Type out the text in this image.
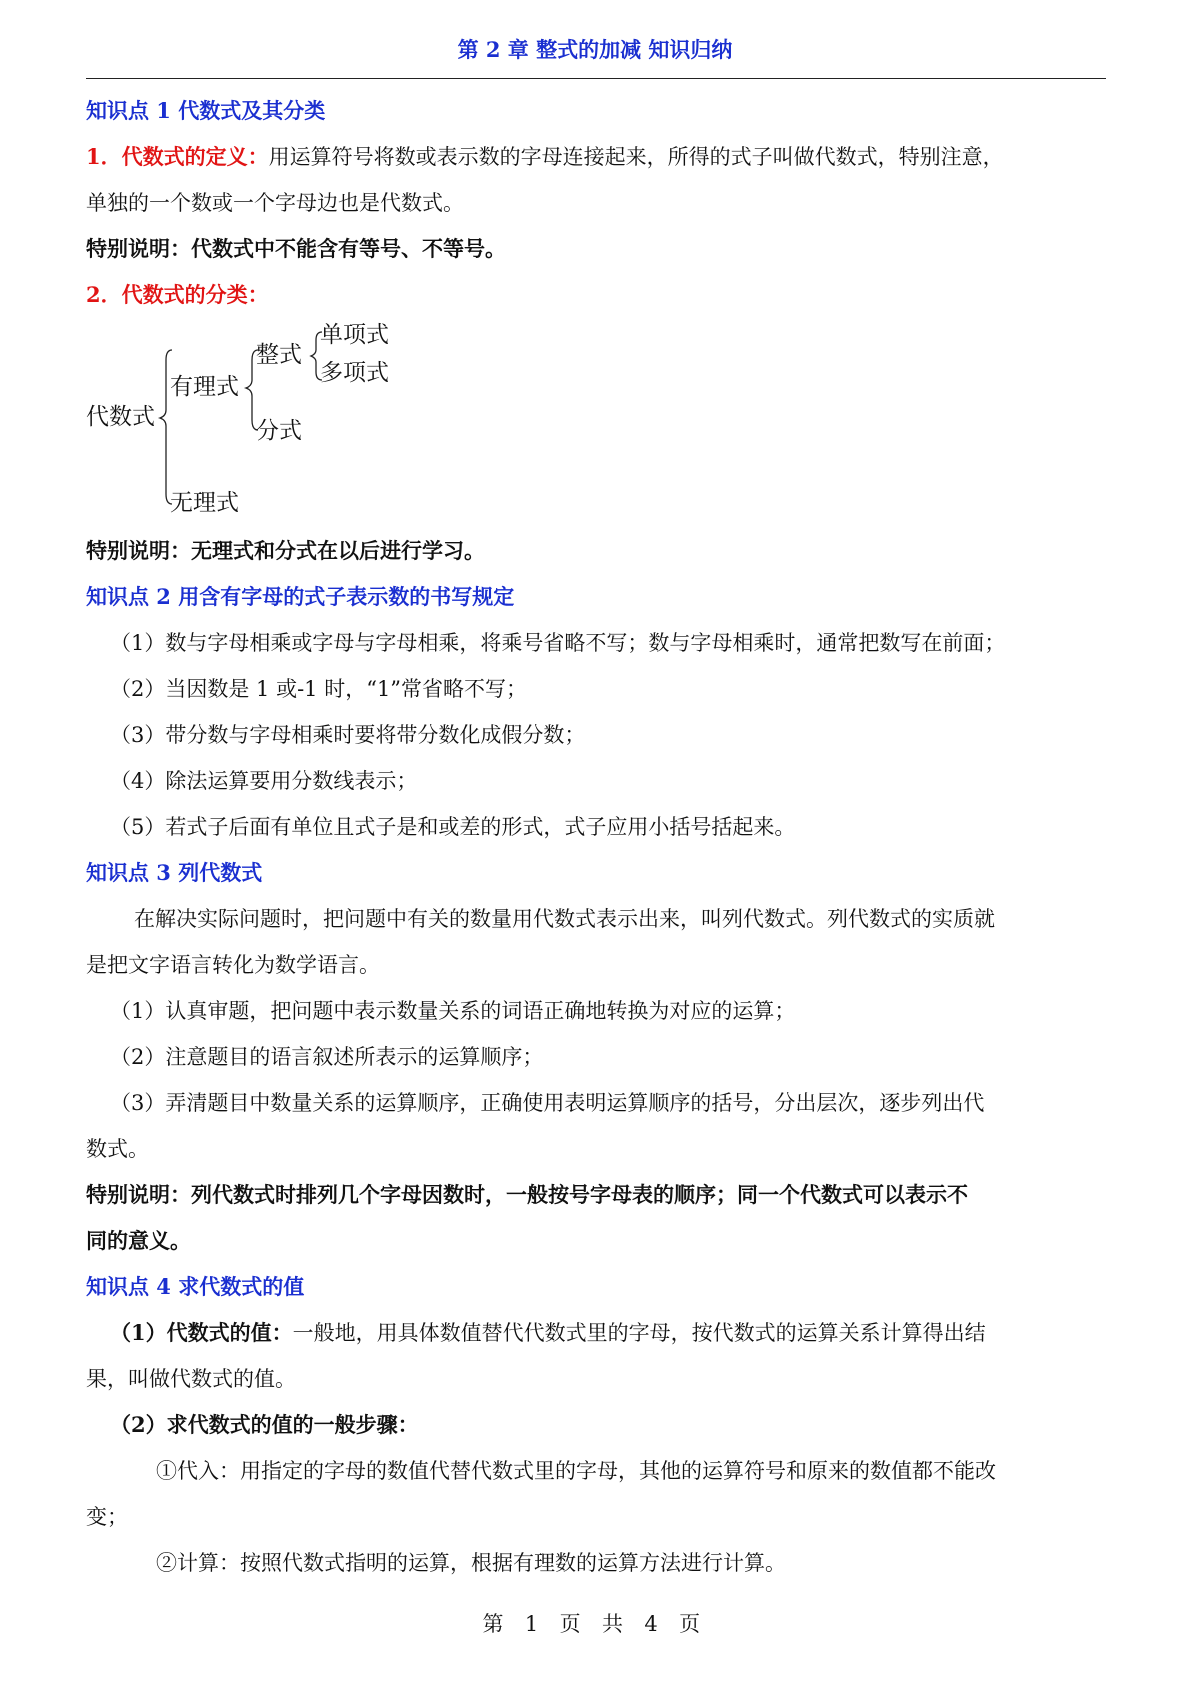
第 2 章 整式的加减 知识归纳

知识点 1 代数式及其分类

1．代数式的定义：用运算符号将数或表示数的字母连接起来，所得的式子叫做代数式，特别注意，

单独的一个数或一个字母边也是代数式。

特别说明：代数式中不能含有等号、不等号。

2．代数式的分类：

代数式
有理式
无理式
整式
分式
单项式
多项式

特别说明：无理式和分式在以后进行学习。

知识点 2 用含有字母的式子表示数的书写规定

（1）数与字母相乘或字母与字母相乘，将乘号省略不写；数与字母相乘时，通常把数写在前面；

（2）当因数是 1 或-1 时，“1”常省略不写；

（3）带分数与字母相乘时要将带分数化成假分数；

（4）除法运算要用分数线表示；

（5）若式子后面有单位且式子是和或差的形式，式子应用小括号括起来。

知识点 3 列代数式

在解决实际问题时，把问题中有关的数量用代数式表示出来，叫列代数式。列代数式的实质就

是把文字语言转化为数学语言。

（1）认真审题，把问题中表示数量关系的词语正确地转换为对应的运算；

（2）注意题目的语言叙述所表示的运算顺序；

（3）弄清题目中数量关系的运算顺序，正确使用表明运算顺序的括号，分出层次，逐步列出代

数式。

特别说明：列代数式时排列几个字母因数时，一般按号字母表的顺序；同一个代数式可以表示不

同的意义。

知识点 4 求代数式的值

（1）代数式的值：一般地，用具体数值替代代数式里的字母，按代数式的运算关系计算得出结

果，叫做代数式的值。

（2）求代数式的值的一般步骤：

①代入：用指定的字母的数值代替代数式里的字母，其他的运算符号和原来的数值都不能改

变；

②计算：按照代数式指明的运算，根据有理数的运算方法进行计算。

第 1 页 共 4 页
